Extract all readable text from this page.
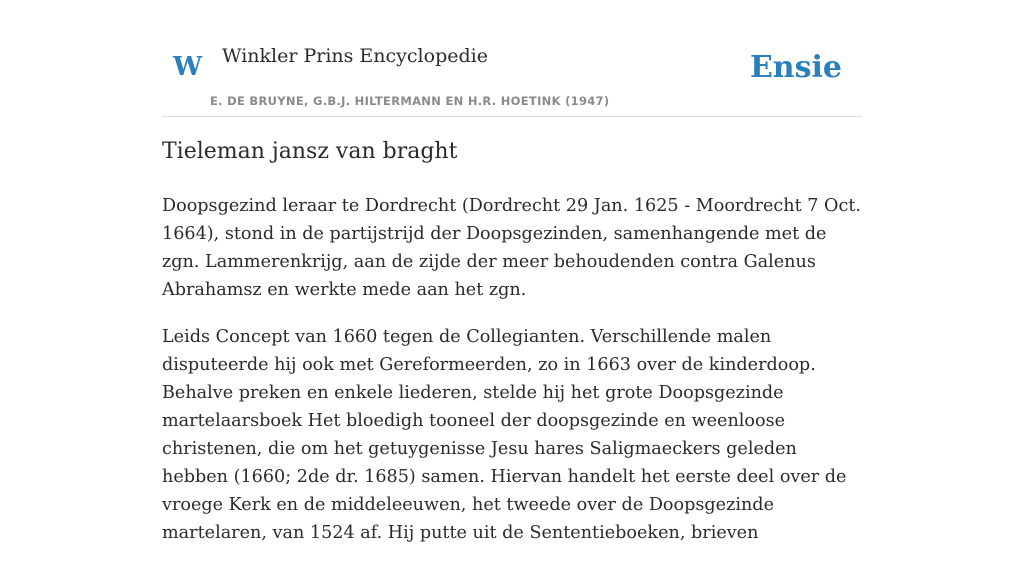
W Winkler Prins Encyclopedie
E. DE BRUYNE, G.B.J. HILTERMANN EN H.R. HOETINK (1947)
Ensie
Tieleman jansz van braght

Doopsgezind leraar te Dordrecht (Dordrecht 29 Jan. 1625 - Moordrecht 7 Oct. 1664), stond in de partijstrijd der Doopsgezinden, samenhangende met de zgn. Lammerenkrijg, aan de zijde der meer behoudenden contra Galenus Abrahamsz en werkte mede aan het zgn.

Leids Concept van 1660 tegen de Collegianten. Verschillende malen disputeerde hij ook met Gereformeerden, zo in 1663 over de kinderdoop. Behalve preken en enkele liederen, stelde hij het grote Doopsgezinde martelaarsboek Het bloedigh tooneel der doopsgezinde en weenloose christenen, die om het getuygenisse Jesu hares Saligmaeckers geleden hebben (1660; 2de dr. 1685) samen. Hiervan handelt het eerste deel over de vroege Kerk en de middeleeuwen, het tweede over de Doopsgezinde martelaren, van 1524 af. Hij putte uit de Sententieboeken, brieven
